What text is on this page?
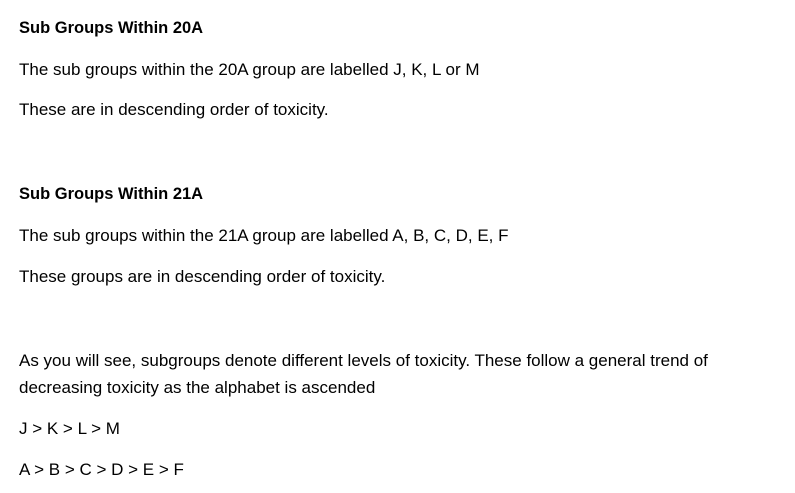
Sub Groups Within 20A

The sub groups within the 20A group are labelled J, K, L or M

These are in descending order of toxicity.

Sub Groups Within 21A

The sub groups within the 21A group are labelled A, B, C, D, E, F

These groups are in descending order of toxicity.

As you will see, subgroups denote different levels of toxicity. These follow a general trend of decreasing toxicity as the alphabet is ascended

J > K > L > M

A > B > C > D > E > F
